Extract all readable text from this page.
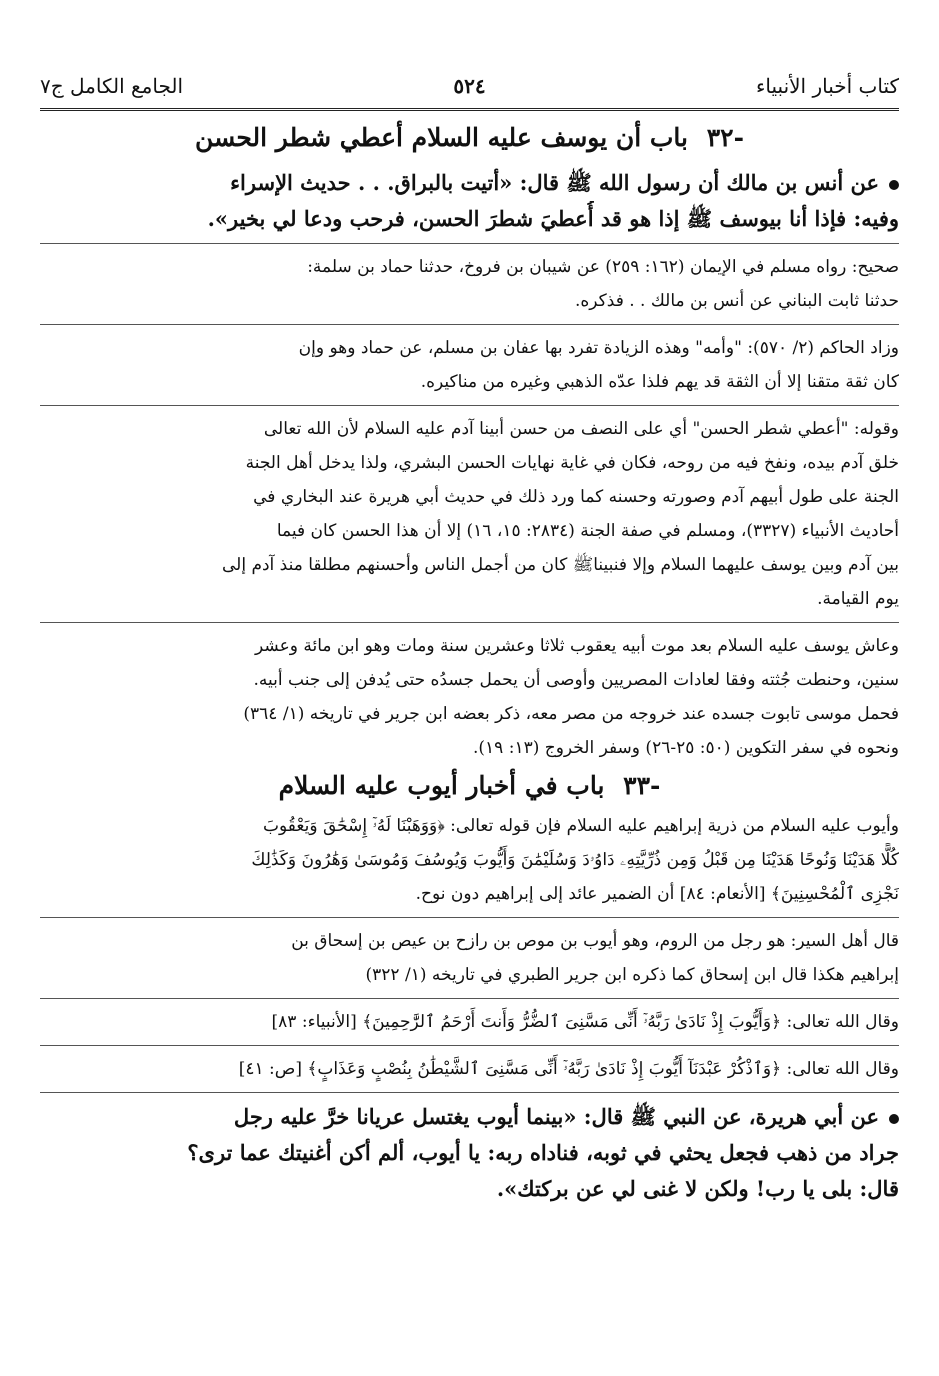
كتاب أخبار الأنبياء
٥٢٤
الجامع الكامل ج٧
-٣٢ باب أن يوسف عليه السلام أعطي شطر الحسن
عن أنس بن مالك أن رسول الله ﷺ قال: «أتيت بالبراق. . . حديث الإسراء
وفيه: فإذا أنا بيوسف ﷺ إذا هو قد أُعطيَ شطرَ الحسن، فرحب ودعا لي بخير».
صحيح: رواه مسلم في الإيمان (١٦٢: ٢٥٩) عن شيبان بن فروخ، حدثنا حماد بن سلمة:
حدثنا ثابت البناني عن أنس بن مالك . . فذكره.
وزاد الحاكم (٢/ ٥٧٠): "وأمه" وهذه الزيادة تفرد بها عفان بن مسلم، عن حماد وهو وإن
كان ثقة متقنا إلا أن الثقة قد يهم فلذا عدّه الذهبي وغيره من مناكيره.
وقوله: "أعطي شطر الحسن" أي على النصف من حسن أبينا آدم عليه السلام لأن الله تعالى
خلق آدم بيده، ونفخ فيه من روحه، فكان في غاية نهايات الحسن البشري، ولذا يدخل أهل الجنة
الجنة على طول أبيهم آدم وصورته وحسنه كما ورد ذلك في حديث أبي هريرة عند البخاري في
أحاديث الأنبياء (٣٣٢٧)، ومسلم في صفة الجنة (٢٨٣٤: ١٥، ١٦) إلا أن هذا الحسن كان فيما
بين آدم وبين يوسف عليهما السلام وإلا فنبيناﷺ كان من أجمل الناس وأحسنهم مطلقا منذ آدم إلى
يوم القيامة.
وعاش يوسف عليه السلام بعد موت أبيه يعقوب ثلاثا وعشرين سنة ومات وهو ابن مائة وعشر
سنين، وحنطت جُثته وفقا لعادات المصريين وأوصى أن يحمل جسدُه حتى يُدفن إلى جنب أبيه.
فحمل موسى تابوت جسده عند خروجه من مصر معه، ذكر بعضه ابن جرير في تاريخه (١/ ٣٦٤)
ونحوه في سفر التكوين (٥٠: ٢٥-٢٦) وسفر الخروج (١٣: ١٩).
-٣٣ باب في أخبار أيوب عليه السلام
وأيوب عليه السلام من ذرية إبراهيم عليه السلام فإن قوله تعالى: ﴿وَوَهَبْنَا لَهُۥٓ إِسْحَٰقَ وَيَعْقُوبَ
كُلًّا هَدَيْنَا وَنُوحًا هَدَيْنَا مِن قَبْلُ وَمِن ذُرِّيَّتِهِۦ دَاوُۥدَ وَسُلَيْمَٰنَ وَأَيُّوبَ وَيُوسُفَ وَمُوسَىٰ وَهَٰرُونَ وَكَذَٰلِكَ
نَجْزِى ٱلْمُحْسِنِينَ﴾ [الأنعام: ٨٤] أن الضمير عائد إلى إبراهيم دون نوح.
قال أهل السير: هو رجل من الروم، وهو أيوب بن موص بن رازح بن عيص بن إسحاق بن
إبراهيم هكذا قال ابن إسحاق كما ذكره ابن جرير الطبري في تاريخه (١/ ٣٢٢)
وقال الله تعالى: ﴿وَأَيُّوبَ إِذْ نَادَىٰ رَبَّهُۥٓ أَنِّى مَسَّنِىَ ٱلضُّرُّ وَأَنتَ أَرْحَمُ ٱلرَّٰحِمِينَ﴾ [الأنبياء: ٨٣]
وقال الله تعالى: ﴿وَٱذْكُرْ عَبْدَنَآ أَيُّوبَ إِذْ نَادَىٰ رَبَّهُۥٓ أَنِّى مَسَّنِىَ ٱلشَّيْطَٰنُ بِنُصْبٍ وَعَذَابٍ﴾ [ص: ٤١]
عن أبي هريرة، عن النبي ﷺ قال: «بينما أيوب يغتسل عريانا خرَّ عليه رجل
جراد من ذهب فجعل يحثي في ثوبه، فناداه ربه: يا أيوب، ألم أكن أغنيتك عما ترى؟
قال: بلى يا رب! ولكن لا غنى لي عن بركتك».
